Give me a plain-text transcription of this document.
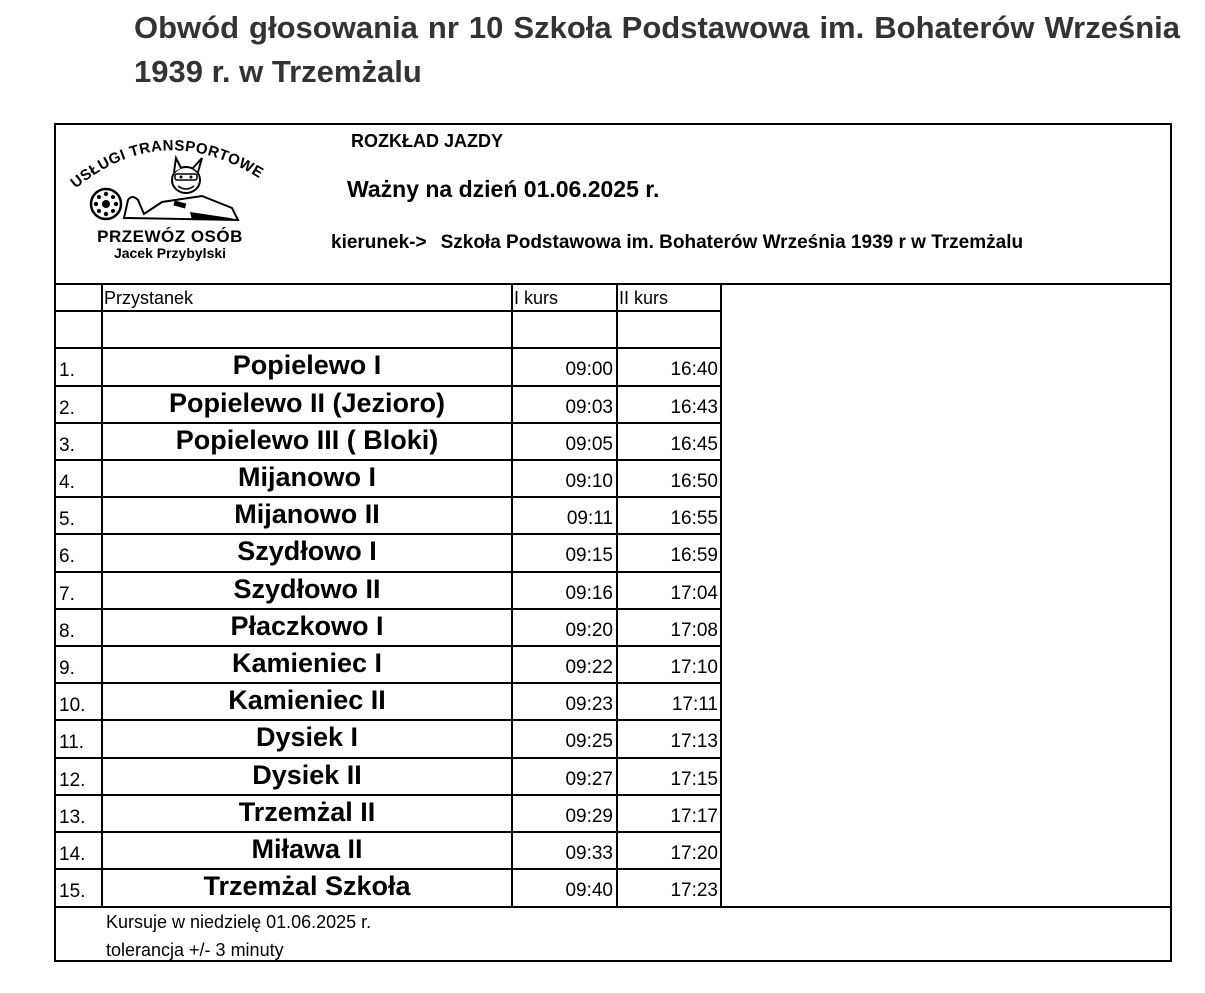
Obwód głosowania nr 10 Szkoła Podstawowa im. Bohaterów Września 1939 r. w Trzemżalu
USŁUGI TRANSPORTOWE
PRZEWÓZ OSÓB
Jacek Przybylski
ROZKŁAD JAZDY
Ważny na dzień 01.06.2025 r.
kierunek-> Szkoła Podstawowa im. Bohaterów Września 1939 r w Trzemżalu
Przystanek	I kurs	II kurs
1.	Popielewo I	09:00	16:40
2.	Popielewo II (Jezioro)	09:03	16:43
3.	Popielewo III ( Bloki)	09:05	16:45
4.	Mijanowo I	09:10	16:50
5.	Mijanowo II	09:11	16:55
6.	Szydłowo I	09:15	16:59
7.	Szydłowo II	09:16	17:04
8.	Płaczkowo I	09:20	17:08
9.	Kamieniec I	09:22	17:10
10.	Kamieniec II	09:23	17:11
11.	Dysiek I	09:25	17:13
12.	Dysiek II	09:27	17:15
13.	Trzemżal II	09:29	17:17
14.	Miława II	09:33	17:20
15.	Trzemżal Szkoła	09:40	17:23
Kursuje w niedzielę 01.06.2025 r.
tolerancja +/- 3 minuty
